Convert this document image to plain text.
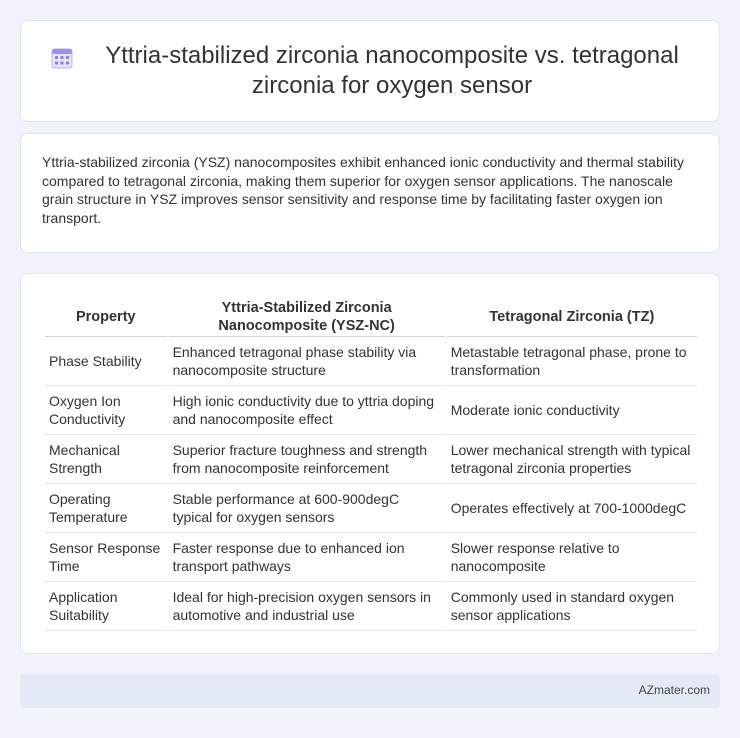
Yttria-stabilized zirconia nanocomposite vs. tetragonal zirconia for oxygen sensor

Yttria-stabilized zirconia (YSZ) nanocomposites exhibit enhanced ionic conductivity and thermal stability compared to tetragonal zirconia, making them superior for oxygen sensor applications. The nanoscale grain structure in YSZ improves sensor sensitivity and response time by facilitating faster oxygen ion transport.

Property	Yttria-Stabilized Zirconia Nanocomposite (YSZ-NC)	Tetragonal Zirconia (TZ)
Phase Stability	Enhanced tetragonal phase stability via nanocomposite structure	Metastable tetragonal phase, prone to transformation
Oxygen Ion Conductivity	High ionic conductivity due to yttria doping and nanocomposite effect	Moderate ionic conductivity
Mechanical Strength	Superior fracture toughness and strength from nanocomposite reinforcement	Lower mechanical strength with typical tetragonal zirconia properties
Operating Temperature	Stable performance at 600-900degC typical for oxygen sensors	Operates effectively at 700-1000degC
Sensor Response Time	Faster response due to enhanced ion transport pathways	Slower response relative to nanocomposite
Application Suitability	Ideal for high-precision oxygen sensors in automotive and industrial use	Commonly used in standard oxygen sensor applications
AZmater.com
